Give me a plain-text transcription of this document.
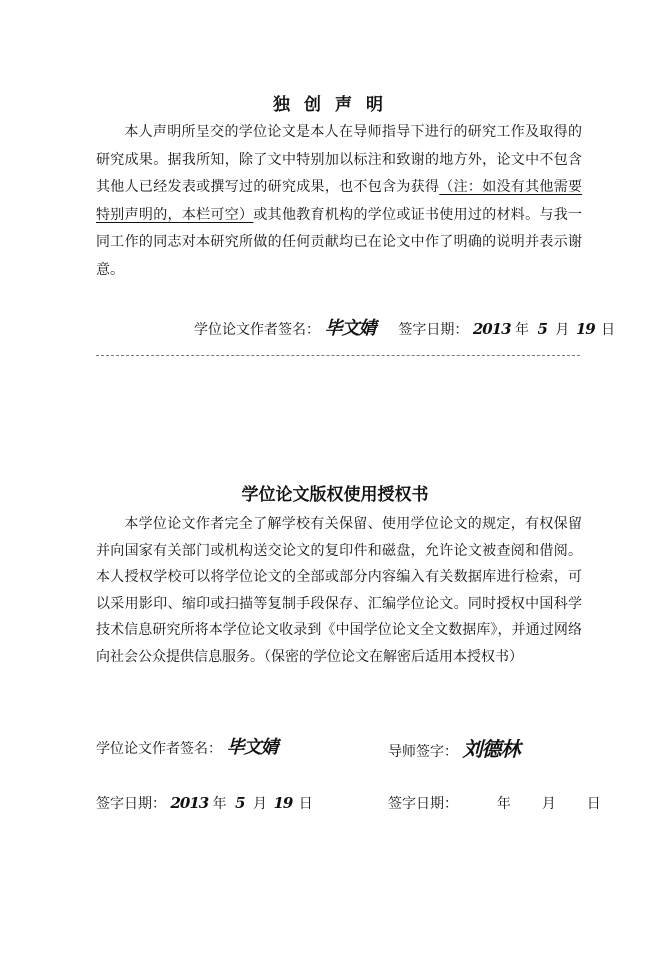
独创声明
本人声明所呈交的学位论文是本人在导师指导下进行的研究工作及取得的研究成果。据我所知，除了文中特别加以标注和致谢的地方外，论文中不包含其他人已经发表或撰写过的研究成果，也不包含为获得（注：如没有其他需要特别声明的，本栏可空）或其他教育机构的学位或证书使用过的材料。与我一同工作的同志对本研究所做的任何贡献均已在论文中作了明确的说明并表示谢意。
学位论文作者签名： 毕文婧 签字日期： 2013 年 5 月 19 日
学位论文版权使用授权书
本学位论文作者完全了解学校有关保留、使用学位论文的规定，有权保留并向国家有关部门或机构送交论文的复印件和磁盘，允许论文被查阅和借阅。本人授权学校可以将学位论文的全部或部分内容编入有关数据库进行检索，可以采用影印、缩印或扫描等复制手段保存、汇编学位论文。同时授权中国科学技术信息研究所将本学位论文收录到《中国学位论文全文数据库》，并通过网络向社会公众提供信息服务。（保密的学位论文在解密后适用本授权书）
学位论文作者签名： 毕文婧	导师签字： 刘德林
签字日期： 2013 年 5 月 19 日	签字日期：	年 月 日
